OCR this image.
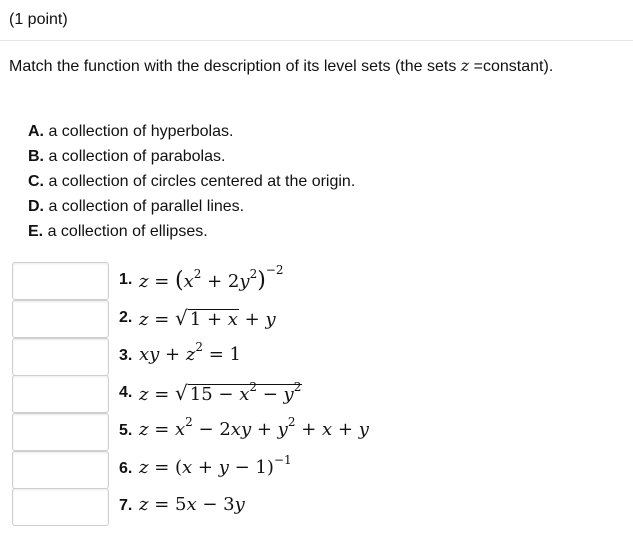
(1 point)
Match the function with the description of its level sets (the sets z =constant).
A. a collection of hyperbolas.
B. a collection of parabolas.
C. a collection of circles centered at the origin.
D. a collection of parallel lines.
E. a collection of ellipses.
1. $z = (x^2 + 2y^2)^{-2}$
2. z = √ 1 + x + y
3. xy + $z^2 = 1$
4. z = √ $15 - x^2 - y^2$
5. $z = x^2 - 2xy + y^2 + x + y$
6. $z = (x + y - 1)^{-1}$
7. z = 5x − 3y
